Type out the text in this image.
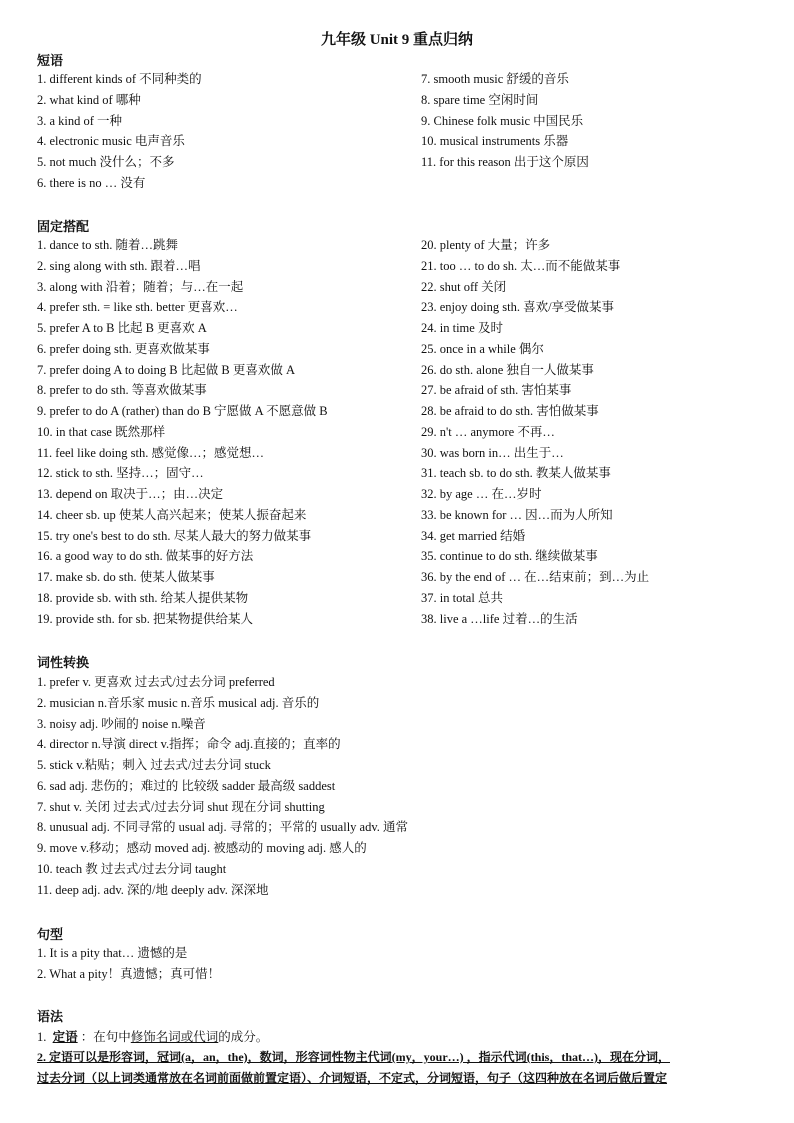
九年级 Unit 9 重点归纳
短语
1. different kinds of 不同种类的
2. what kind of 哪种
3. a kind of 一种
4. electronic music 电声音乐
5. not much 没什么；不多
6. there is no … 没有
7. smooth music 舒缓的音乐
8. spare time 空闲时间
9. Chinese folk music 中国民乐
10. musical instruments 乐器
11. for this reason 出于这个原因
固定搭配
1. dance to sth. 随着…跳舞
2. sing along with sth. 跟着…唱
3. along with 沿着；随着；与…在一起
4. prefer sth. = like sth. better 更喜欢…
5. prefer A to B 比起 B 更喜欢 A
6. prefer doing sth. 更喜欢做某事
7. prefer doing A to doing B 比起做 B 更喜欢做 A
8. prefer to do sth. 等喜欢做某事
9. prefer to do A (rather) than do B 宁愿做 A 不愿意做 B
10. in that case 既然那样
11. feel like doing sth. 感觉像…；感觉想…
12. stick to sth. 坚持…；固守…
13. depend on 取决于…；由…决定
14. cheer sb. up 使某人高兴起来；使某人振奋起来
15. try one's best to do sth. 尽某人最大的努力做某事
16. a good way to do sth. 做某事的好方法
17. make sb. do sth. 使某人做某事
18. provide sb. with sth. 给某人提供某物
19. provide sth. for sb. 把某物提供给某人
20. plenty of 大量；许多
21. too … to do sh. 太…而不能做某事
22. shut off 关闭
23. enjoy doing sth. 喜欢/享受做某事
24. in time 及时
25. once in a while 偶尔
26. do sth. alone 独自一人做某事
27. be afraid of sth. 害怕某事
28. be afraid to do sth. 害怕做某事
29. n't … anymore 不再…
30. was born in… 出生于…
31. teach sb. to do sth. 教某人做某事
32. by age … 在…岁时
33. be known for … 因…而为人所知
34. get married 结婚
35. continue to do sth. 继续做某事
36. by the end of … 在…结束前；到…为止
37. in total 总共
38. live a …life 过着…的生活
词性转换
1. prefer v. 更喜欢 过去式/过去分词 preferred
2. musician n.音乐家 music n.音乐 musical adj. 音乐的
3. noisy adj. 吵闹的 noise n.噪音
4. director n.导演 direct v.指挥；命令 adj.直接的；直率的
5. stick v.粘贴；刺入 过去式/过去分词 stuck
6. sad adj. 悲伤的；难过的 比较级 sadder 最高级 saddest
7. shut v. 关闭 过去式/过去分词 shut 现在分词 shutting
8. unusual adj. 不同寻常的 usual adj. 寻常的；平常的 usually adv. 通常
9. move v.移动；感动 moved adj. 被感动的 moving adj. 感人的
10. teach 教 过去式/过去分词 taught
11. deep adj. adv. 深的/地 deeply adv. 深深地
句型
1. It is a pity that… 遗憾的是
2. What a pity！真遗憾；真可惜！
语法
1.  定语 ：在句中修饰名词或代词的成分。
2. 定语可以是形容词，冠词(a，an，the)，数词，形容词性物主代词(my，your…) ，指示代词(this，that…)，现在分词，
过去分词（以上词类通常放在名词前面做前置定语）、介词短语，不定式，分词短语，句子（这四种放在名词后做后置定
